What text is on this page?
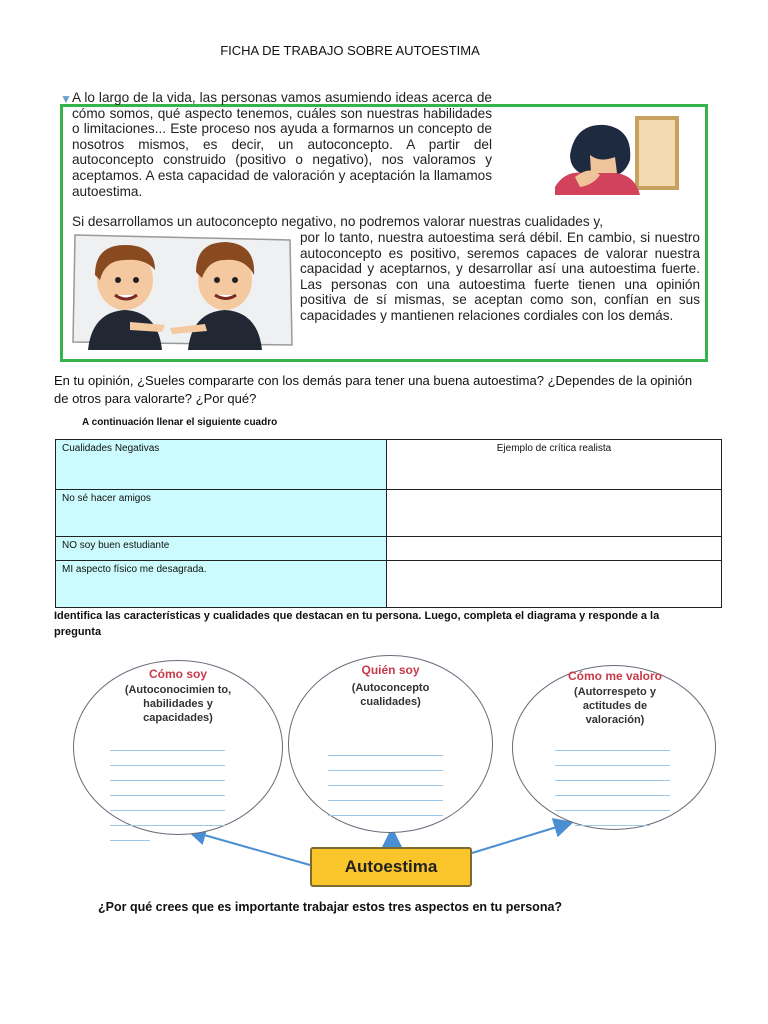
FICHA DE TRABAJO SOBRE AUTOESTIMA
▼ A lo largo de la vida, las personas vamos asumiendo ideas acerca de cómo somos, qué aspecto tenemos, cuáles son nuestras habilidades o limitaciones... Este proceso nos ayuda a formarnos un concepto de nosotros mismos, es decir, un autoconcepto. A partir del autoconcepto construido (positivo o negativo), nos valoramos y aceptamos. A esta capacidad de valoración y aceptación la llamamos autoestima.

Si desarrollamos un autoconcepto negativo, no podremos valorar nuestras cualidades y,

por lo tanto, nuestra autoestima será débil. En cambio, si nuestro autoconcepto es positivo, seremos capaces de valorar nuestra capacidad y aceptarnos, y desarrollar así una autoestima fuerte. Las personas con una autoestima fuerte tienen una opinión positiva de sí mismas, se aceptan como son, confían en sus capacidades y mantienen relaciones cordiales con los demás.

En tu opinión, ¿Sueles compararte con los demás para tener una buena autoestima? ¿Dependes de la opinión de otros para valorarte? ¿Por qué?
A continuación llenar el siguiente cuadro
Cualidades Negativas	Ejemplo de crítica realista
No sé hacer amigos	
NO soy buen estudiante	
MI aspecto físico me desagrada.	
Identifica las características y cualidades que destacan en tu persona. Luego, completa el diagrama y responde a la pregunta
Cómo soy
(Autoconocimien to, habilidades y capacidades)
Quién soy
(Autoconcepto cualidades)
Cómo me valoro
(Autorrespeto y actitudes de valoración)
Autoestima
¿Por qué crees que es importante trabajar estos tres aspectos en tu persona?
